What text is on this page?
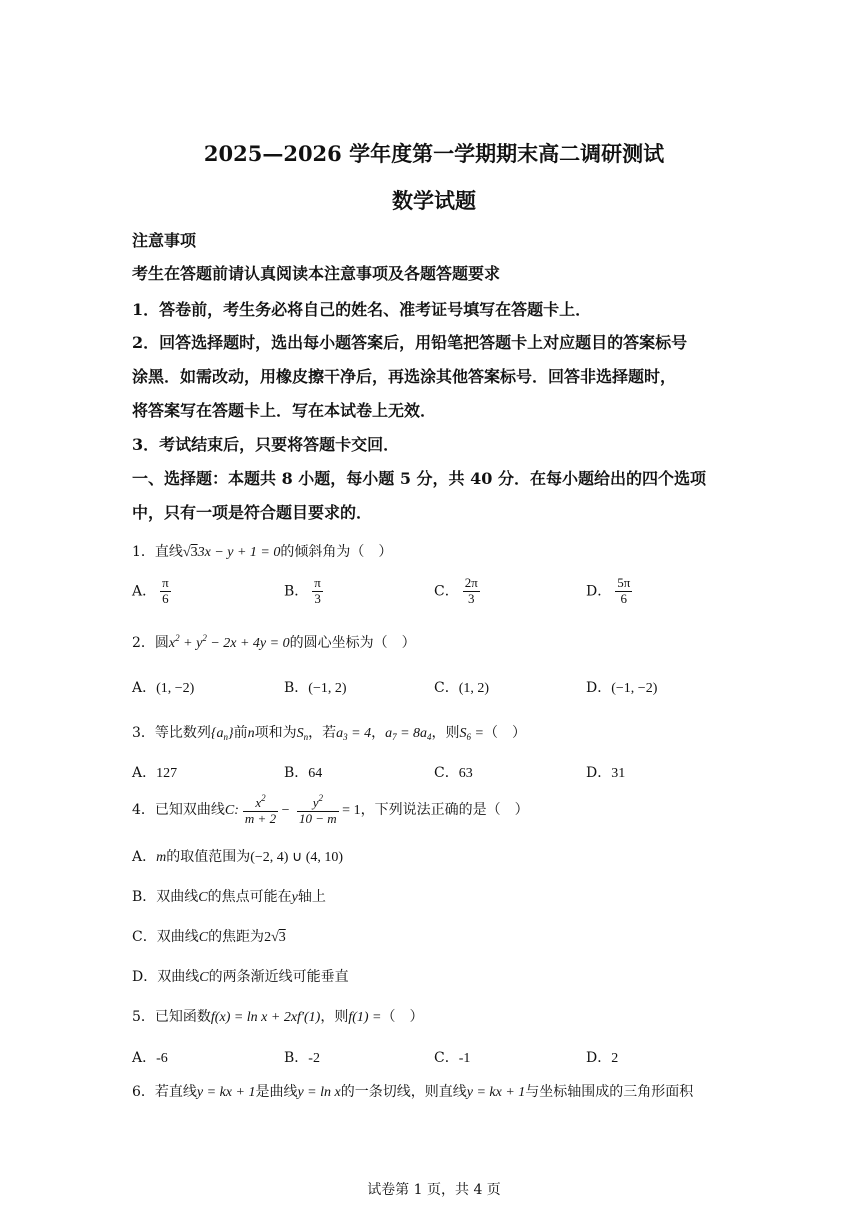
2025—2026 学年度第一学期期末高二调研测试
数学试题
注意事项
考生在答题前请认真阅读本注意事项及各题答题要求
1．答卷前，考生务必将自己的姓名、准考证号填写在答题卡上．
2．回答选择题时，选出每小题答案后，用铅笔把答题卡上对应题目的答案标号
涂黑．如需改动，用橡皮擦干净后，再选涂其他答案标号．回答非选择题时，
将答案写在答题卡上．写在本试卷上无效．
3．考试结束后，只要将答题卡交回．
一、选择题：本题共 8 小题，每小题 5 分，共 40 分．在每小题给出的四个选项
中，只有一项是符合题目要求的．
1．直线√33x − y + 1 = 0的倾斜角为（　）
A． $\frac{\pi}{6}$	B． $\frac{\pi}{3}$	C． $\frac{2\pi}{3}$	D． $\frac{5\pi}{6}$
2．圆$x^2 + y^2 - 2x + 4y = 0$的圆心坐标为（　）
A．(1, −2)	B．(−1, 2)	C．(1, 2)	D．(−1, −2)
3．等比数列$\{a_n\}$前n项和为$S_n$，若$a_3 = 4$，$a_7 = 8a_4$，则$S_6$ =（　）
A．127	B．64	C．63	D．31
4．已知双曲线C: $\frac{x^2}{m + 2} - \frac{y^2}{10 - m} = 1$，下列说法正确的是（　）
A．m的取值范围为(−2, 4) ∪ (4, 10)
B．双曲线C的焦点可能在y轴上
C．双曲线C的焦距为2√3
D．双曲线C的两条渐近线可能垂直
5．已知函数f(x) = ln x + 2xf′(1)，则f(1) =（　）
A．-6	B．-2	C．-1	D．2
6．若直线y = kx + 1是曲线y = ln x的一条切线，则直线y = kx + 1与坐标轴围成的三角形面积
试卷第 1 页，共 4 页
